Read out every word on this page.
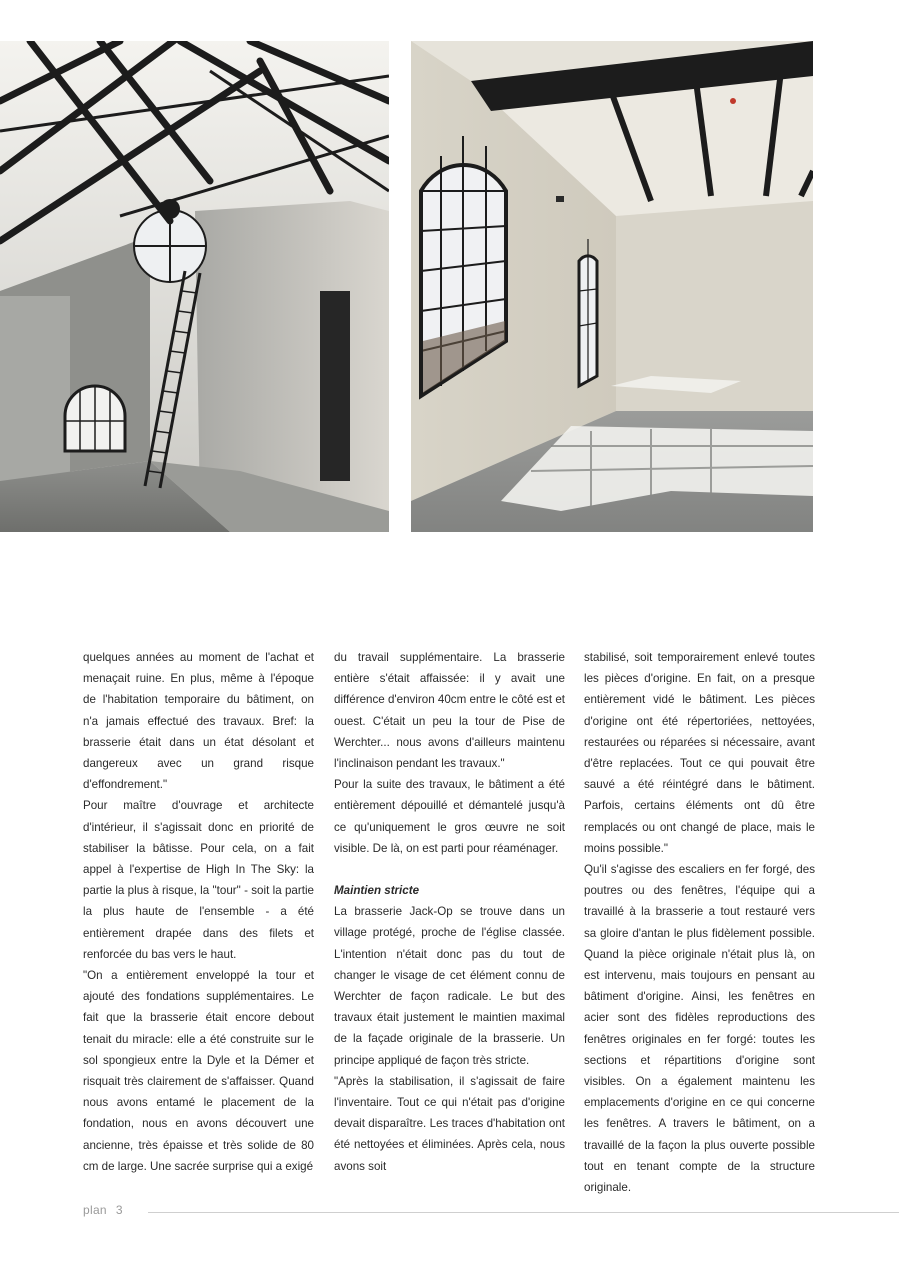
quelques années au moment de l'achat et menaçait ruine. En plus, même à l'époque de l'habitation temporaire du bâtiment, on n'a jamais effectué des travaux. Bref: la brasserie était dans un état désolant et dangereux avec un grand risque d'effondrement."

Pour maître d'ouvrage et architecte d'intérieur, il s'agissait donc en priorité de stabiliser la bâtisse. Pour cela, on a fait appel à l'expertise de High In The Sky: la partie la plus à risque, la "tour" - soit la partie la plus haute de l'ensemble - a été entièrement drapée dans des filets et renforcée du bas vers le haut.

"On a entièrement enveloppé la tour et ajouté des fondations supplémentaires. Le fait que la brasserie était encore debout tenait du miracle: elle a été construite sur le sol spongieux entre la Dyle et la Démer et risquait très clairement de s'affaisser. Quand nous avons entamé le placement de la fondation, nous en avons découvert une ancienne, très épaisse et très solide de 80 cm de large. Une sacrée surprise qui a exigé

du travail supplémentaire. La brasserie entière s'était affaissée: il y avait une différence d'environ 40cm entre le côté est et ouest. C'était un peu la tour de Pise de Werchter... nous avons d'ailleurs maintenu l'inclinaison pendant les travaux."

Pour la suite des travaux, le bâtiment a été entièrement dépouillé et démantelé jusqu'à ce qu'uniquement le gros œuvre ne soit visible. De là, on est parti pour réaménager.

Maintien stricte

La brasserie Jack-Op se trouve dans un village protégé, proche de l'église classée. L'intention n'était donc pas du tout de changer le visage de cet élément connu de Werchter de façon radicale. Le but des travaux était justement le maintien maximal de la façade originale de la brasserie. Un principe appliqué de façon très stricte.

"Après la stabilisation, il s'agissait de faire l'inventaire. Tout ce qui n'était pas d'origine devait disparaître. Les traces d'habitation ont été nettoyées et éliminées. Après cela, nous avons soit

stabilisé, soit temporairement enlevé toutes les pièces d'origine. En fait, on a presque entièrement vidé le bâtiment. Les pièces d'origine ont été répertoriées, nettoyées, restaurées ou réparées si nécessaire, avant d'être replacées. Tout ce qui pouvait être sauvé a été réintégré dans le bâtiment. Parfois, certains éléments ont dû être remplacés ou ont changé de place, mais le moins possible."

Qu'il s'agisse des escaliers en fer forgé, des poutres ou des fenêtres, l'équipe qui a travaillé à la brasserie a tout restauré vers sa gloire d'antan le plus fidèlement possible. Quand la pièce originale n'était plus là, on est intervenu, mais toujours en pensant au bâtiment d'origine. Ainsi, les fenêtres en acier sont des fidèles reproductions des fenêtres originales en fer forgé: toutes les sections et répartitions d'origine sont visibles. On a également maintenu les emplacements d'origine en ce qui concerne les fenêtres. A travers le bâtiment, on a travaillé de la façon la plus ouverte possible tout en tenant compte de la structure originale.

plan 3
